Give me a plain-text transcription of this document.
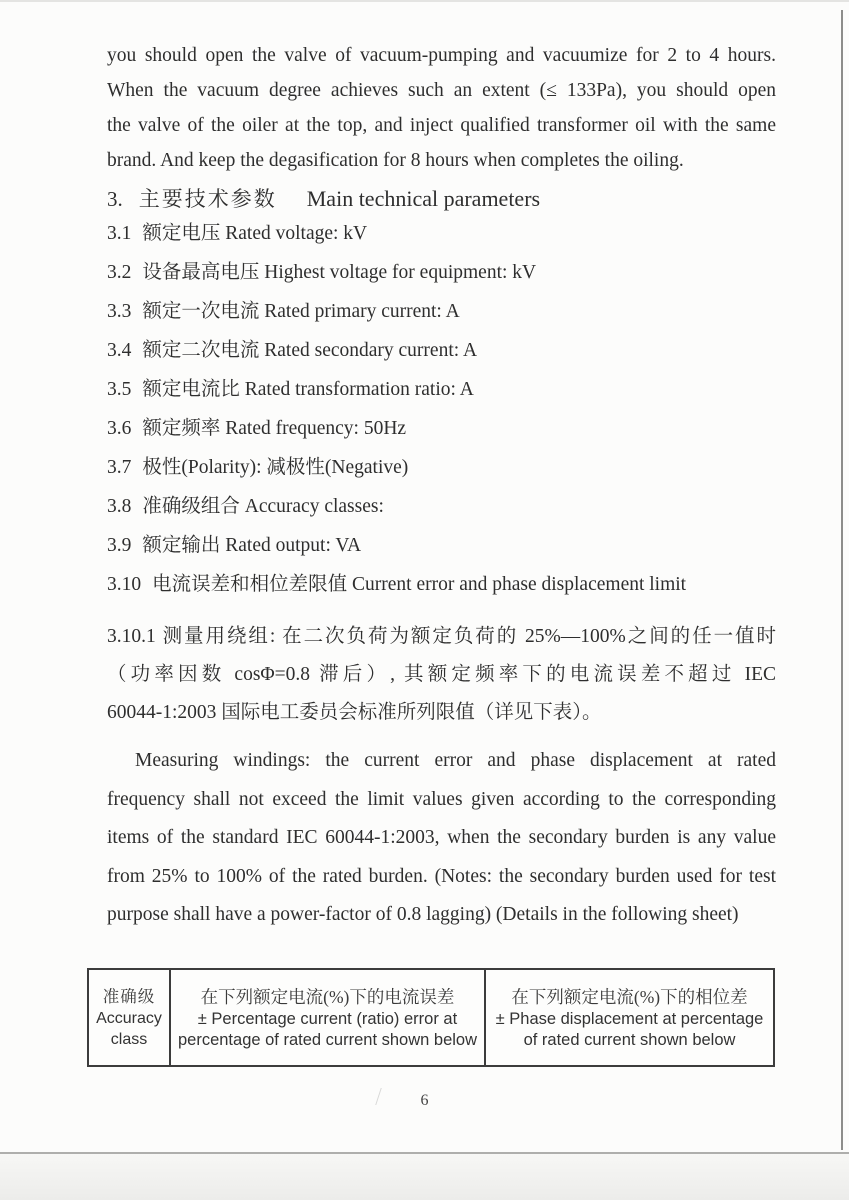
you should open the valve of vacuum-pumping and vacuumize for 2 to 4 hours.
When the vacuum degree achieves such an extent (≤ 133Pa), you should open
the valve of the oiler at the top, and inject qualified transformer oil with the same
brand. And keep the degasification for 8 hours when completes the oiling.
3. 主要技术参数 Main technical parameters
3.1 额定电压 Rated voltage: kV
3.2 设备最高电压 Highest voltage for equipment: kV
3.3 额定一次电流 Rated primary current: A
3.4 额定二次电流 Rated secondary current: A
3.5 额定电流比 Rated transformation ratio: A
3.6 额定频率 Rated frequency: 50Hz
3.7 极性(Polarity): 减极性(Negative)
3.8 准确级组合 Accuracy classes:
3.9 额定输出 Rated output: VA
3.10 电流误差和相位差限值 Current error and phase displacement limit
3.10.1 测量用绕组: 在二次负荷为额定负荷的 25%—100%之间的任一值时
（功率因数 cosΦ=0.8 滞后）, 其额定频率下的电流误差不超过 IEC
60044-1:2003 国际电工委员会标准所列限值（详见下表）。
Measuring windings: the current error and phase displacement at rated
frequency shall not exceed the limit values given according to the corresponding
items of the standard IEC 60044-1:2003, when the secondary burden is any value
from 25% to 100% of the rated burden. (Notes: the secondary burden used for test
purpose shall have a power-factor of 0.8 lagging) (Details in the following sheet)
准确级
Accuracy
class
在下列额定电流(%)下的电流误差
± Percentage current (ratio) error at
percentage of rated current shown below
在下列额定电流(%)下的相位差
± Phase displacement at percentage
of rated current shown below
6
